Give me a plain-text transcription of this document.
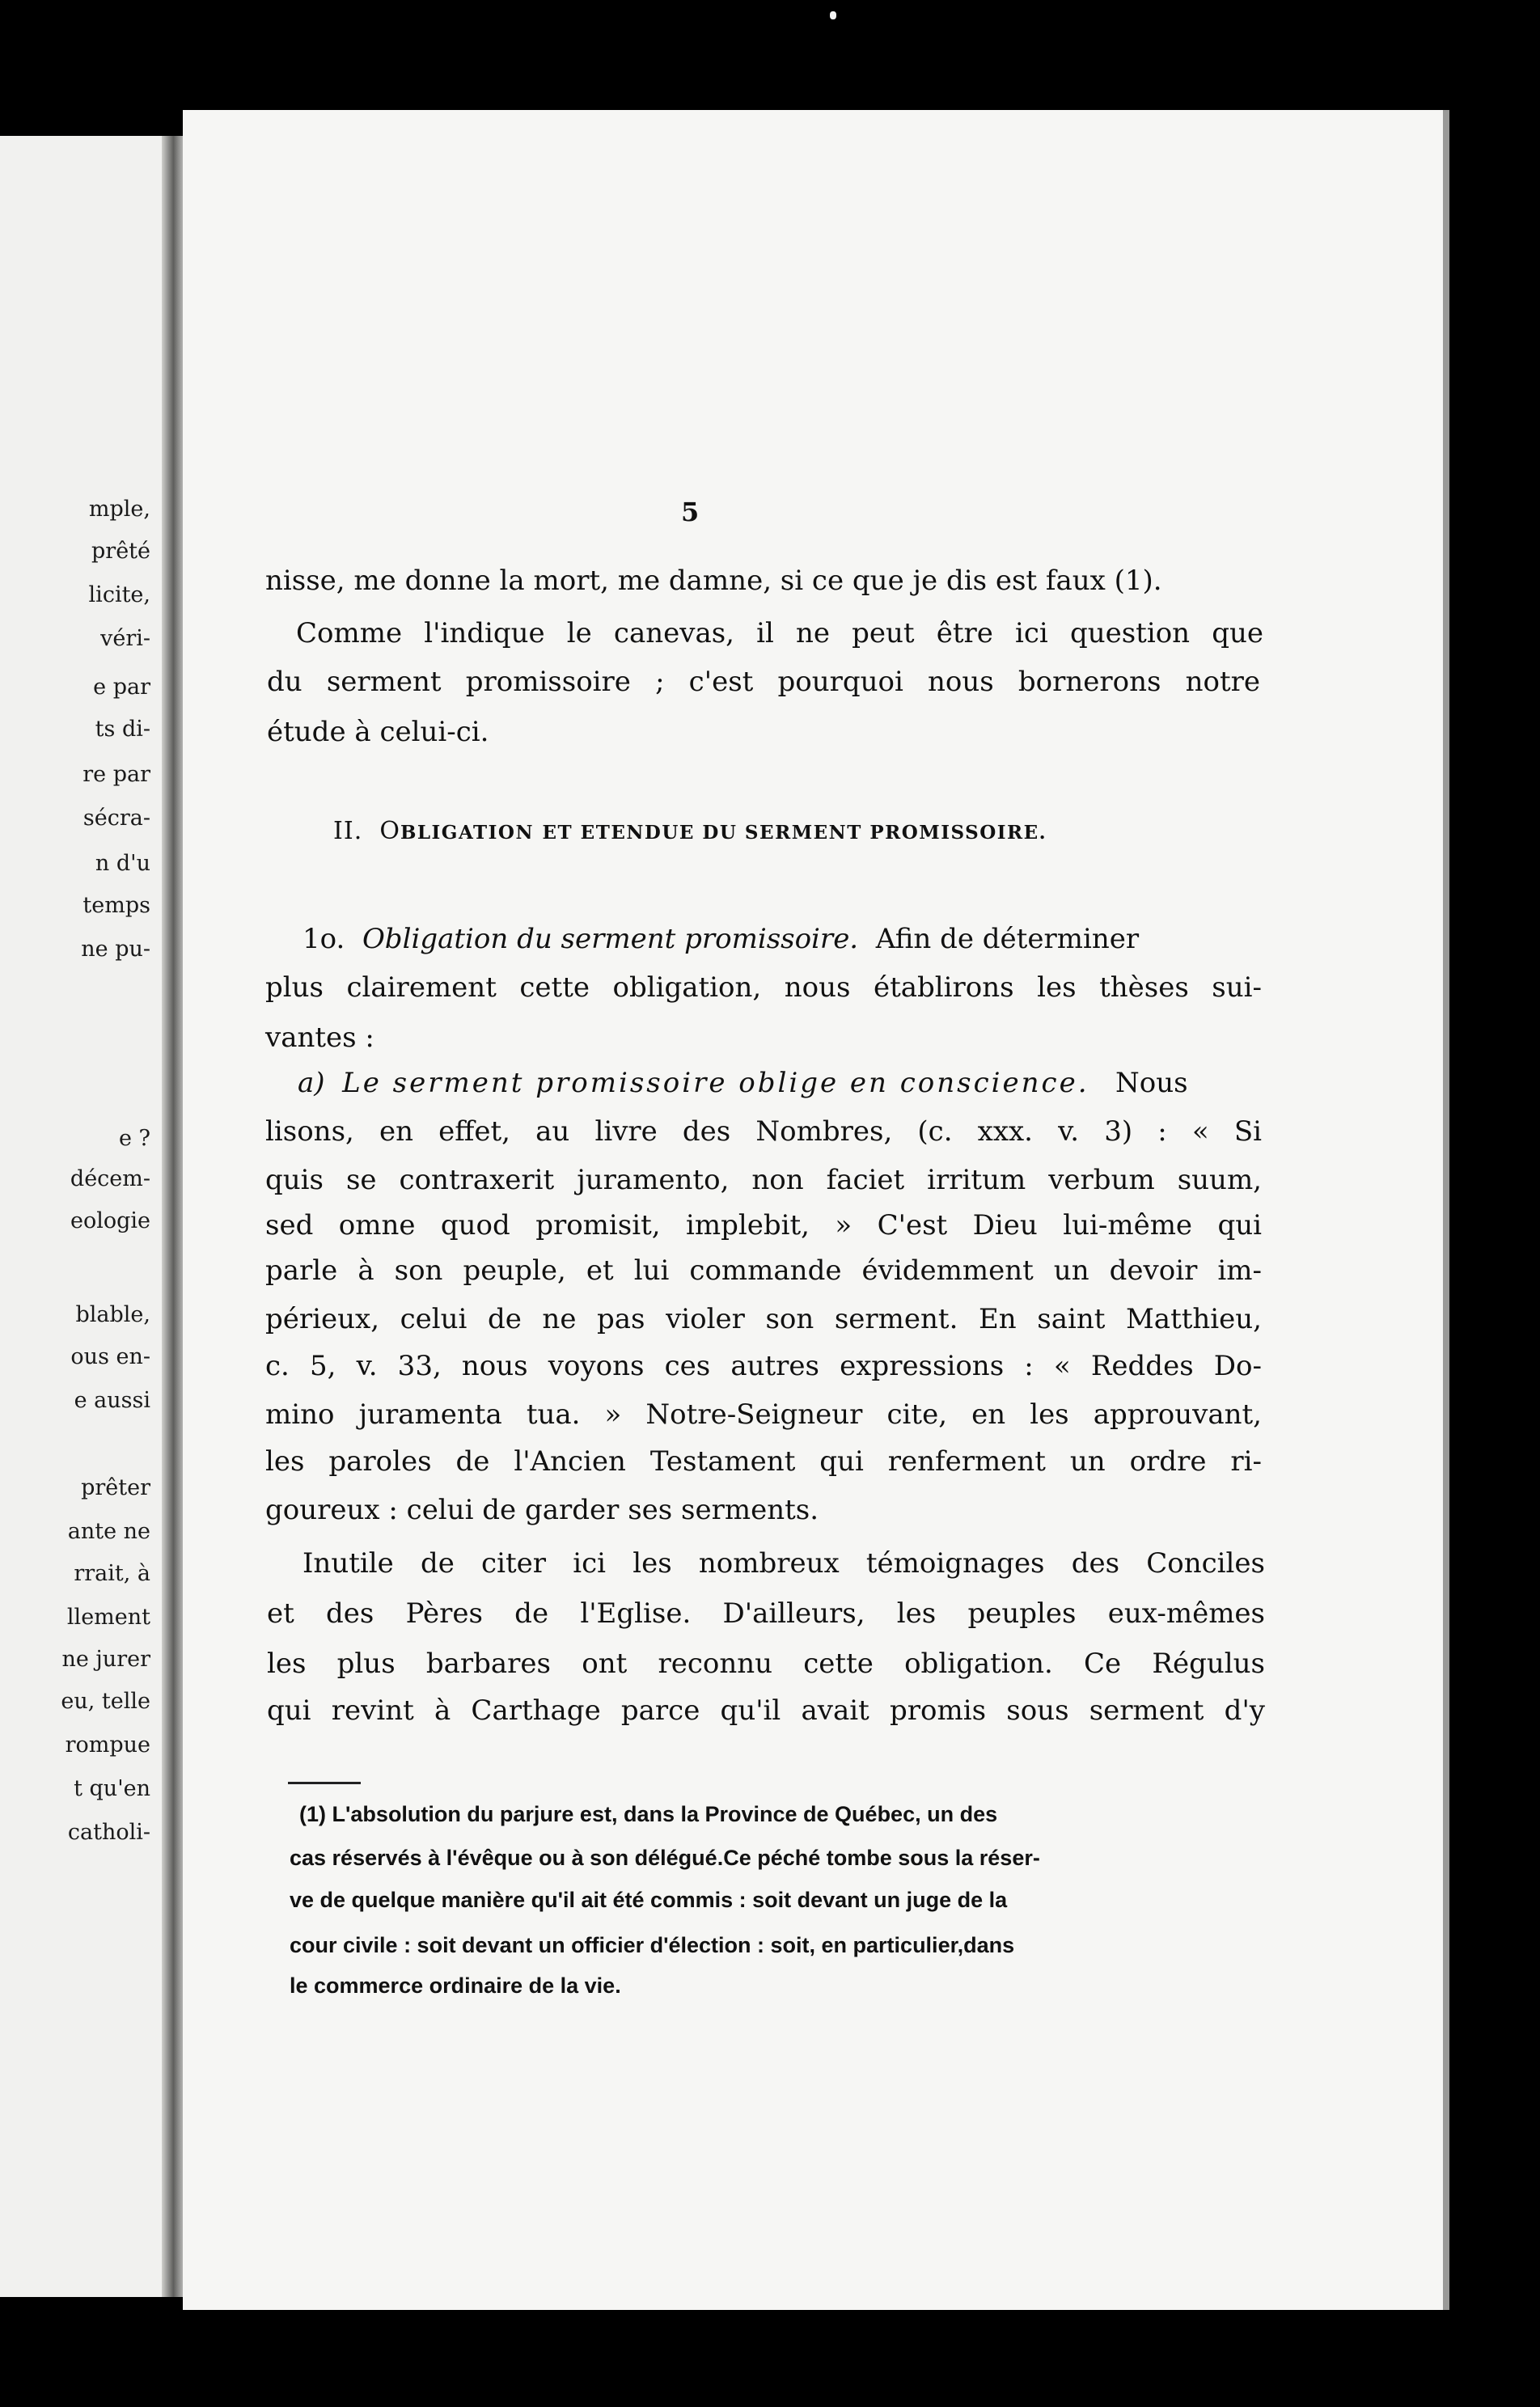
mple,
prêté
licite,
véri-
e par
ts di-
re par
sécra-
n d'u
temps
ne pu-
e ?
décem-
eologie
blable,
ous en-
e aussi
prêter
ante ne
rrait, à
llement
ne jurer
eu, telle
rompue
t qu'en
catholi-
5
nisse, me donne la mort, me damne, si ce que je dis est faux (1).
Comme l'indique le canevas, il ne peut être ici question que
du serment promissoire ; c'est pourquoi nous bornerons notre
étude à celui-ci.
II. OBLIGATION ET ETENDUE DU SERMENT PROMISSOIRE.
1o. Obligation du serment promissoire. Afin de déterminer
plus clairement cette obligation, nous établirons les thèses sui-
vantes :
a) Le serment promissoire oblige en conscience. Nous
lisons, en effet, au livre des Nombres, (c. xxx. v. 3) : « Si
quis se contraxerit juramento, non faciet irritum verbum suum,
sed omne quod promisit, implebit, » C'est Dieu lui-même qui
parle à son peuple, et lui commande évidemment un devoir im-
périeux, celui de ne pas violer son serment. En saint Matthieu,
c. 5, v. 33, nous voyons ces autres expressions : « Reddes Do-
mino juramenta tua. » Notre-Seigneur cite, en les approuvant,
les paroles de l'Ancien Testament qui renferment un ordre ri-
goureux : celui de garder ses serments.
Inutile de citer ici les nombreux témoignages des Conciles
et des Pères de l'Eglise. D'ailleurs, les peuples eux-mêmes
les plus barbares ont reconnu cette obligation. Ce Régulus
qui revint à Carthage parce qu'il avait promis sous serment d'y
(1) L'absolution du parjure est, dans la Province de Québec, un des
cas réservés à l'évêque ou à son délégué.Ce péché tombe sous la réser-
ve de quelque manière qu'il ait été commis : soit devant un juge de la
cour civile : soit devant un officier d'élection : soit, en particulier,dans
le commerce ordinaire de la vie.
